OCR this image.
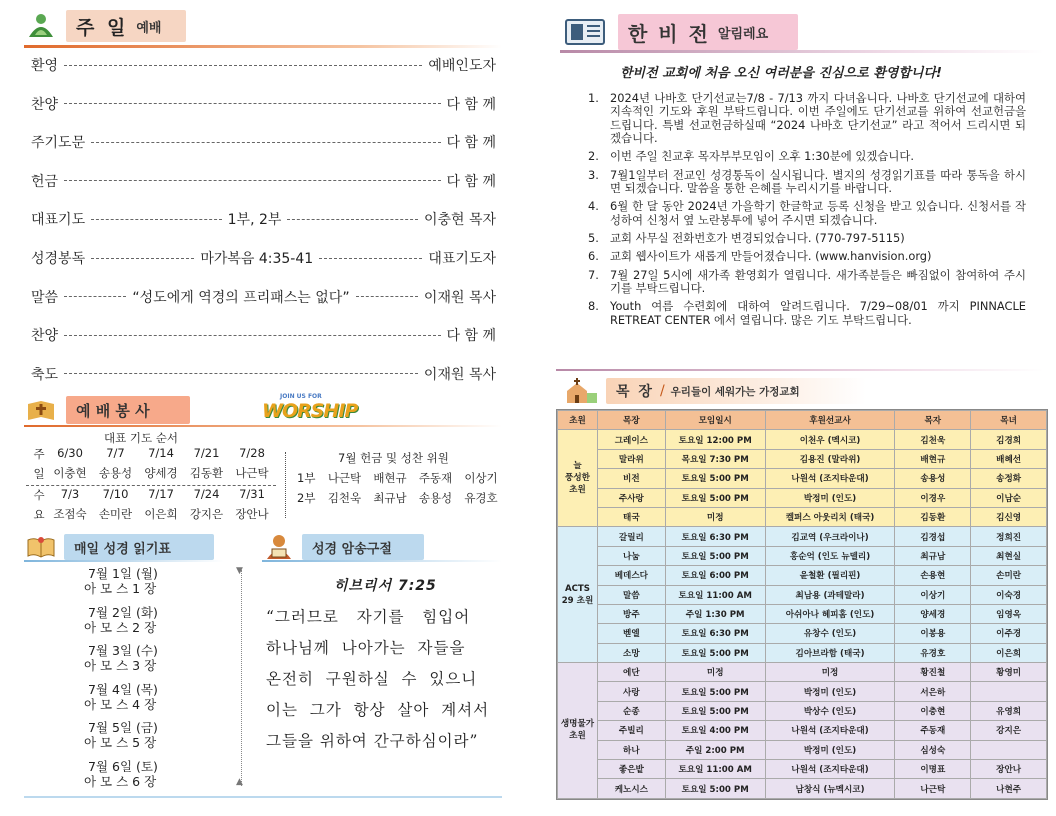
주 일 예배
환영	예배인도자
찬양	다 함 께
주기도문	다 함 께
헌금	다 함 께
대표기도	1부, 2부	이충현 목자
성경봉독	마가복음 4:35-41	대표기도자
말씀	“성도에게 역경의 프리패스는 없다”	이재원 목사
찬양	다 함 께
축도	이재원 목사
예 배 봉 사
JOIN US FOR
WORSHIP
대표 기도 순서
주일 6/30	7/7	7/14	7/21	7/28
이충현	송용성	양세경	김동환	나근탁
수요	7/3	7/10	7/17	7/24	7/31
조점숙	손미란	이은희	강지은	장안나
7월 헌금 및 성찬 위원
1부	나근탁	배현규	주동재	이상기
2부	김천욱	최규남	송용성	유경호
매일 성경 읽기표
7월 1일 (월)
아 모 스 1 장
7월 2일 (화)
아 모 스 2 장
7월 3일 (수)
아 모 스 3 장
7월 4일 (목)
아 모 스 4 장
7월 5일 (금)
아 모 스 5 장
7월 6일 (토)
아 모 스 6 장
▼
▲
성경 암송구절
히브리서 7:25
“그러므로   자기를   힘입어
하나님께  나아가는  자들을
온전히  구원하실  수  있으니
이는  그가  항상  살아  계셔서
그들을 위하여 간구하심이라”
한 비 전 알림레요
한비전 교회에 처음 오신 여러분을 진심으로 환영합니다!
1. 2024년 나바호 단기선교는7/8 - 7/13 까지 다녀옵니다. 나바호 단기선교에 대하여 지속적인 기도와 후원 부탁드립니다. 이번 주일에도 단기선교를 위하여 선교헌금을 드립니다. 특별 선교헌금하실때 “2024 나바호 단기선교” 라고 적어서 드리시면 되겠습니다.
2. 이번 주일 친교후 목자부부모임이 오후 1:30분에 있겠습니다.
3. 7월1일부터 전교인 성경통독이 실시됩니다. 별지의 성경읽기표를 따라 통독을 하시면 되겠습니다. 말씀을 통한 은혜를 누리시기를 바랍니다.
4. 6월 한 달 동안 2024년 가을학기 한글학교 등록 신청을 받고 있습니다. 신청서를 작성하여 신청서 옆 노란봉투에 넣어 주시면 되겠습니다.
5. 교회 사무실 전화번호가 변경되었습니다. (770-797-5115)
6. 교회 웹사이트가 새롭게 만들어졌습니다. (www.hanvision.org)
7. 7월 27일 5시에 새가족 환영회가 열립니다. 새가족분들은 빠짐없이 참여하여 주시기를 부탁드립니다.
8. Youth 여름 수련회에 대하여 알려드립니다. 7/29~08/01 까지 PINNACLE RETREAT CENTER 에서 열립니다. 많은 기도 부탁드립니다.
목 장 / 우리들이 세워가는 가정교회
초원	목장	모임일시	후원선교사	목자	목녀
늘
풍성한
초원	그레이스	토요일 12:00 PM	이천우 (멕시코)	김천욱	김경희
	말라위	목요일 7:30 PM	김용진 (말라위)	배현규	배혜선
	비전	토요일 5:00 PM	나원석 (조지타운대)	송용성	송정화
	주사랑	토요일 5:00 PM	박정미 (인도)	이경우	이남순
	태국	미정	켈퍼스 아웃리치 (태국)	김동환	김신영
ACTS
29 초원	갈릴리	토요일 6:30 PM	김교역 (우크라이나)	김경섭	정희진
	나눔	토요일 5:00 PM	홍순억 (인도 뉴델리)	최규남	최현실
	베데스다	토요일 6:00 PM	윤철환 (필리핀)	손용현	손미란
	말씀	토요일 11:00 AM	최남용 (과테말라)	이상기	이숙경
	방주	주일 1:30 PM	아쉬아나 헤피홈 (인도)	양세경	임영옥
	벧엘	토요일 6:30 PM	유창수 (인도)	이봉용	이주경
	소망	토요일 5:00 PM	김아브라함 (태국)	유경호	이은희
생명물가
초원	에단	미정	미정	황진철	황영미
	사랑	토요일 5:00 PM	박정미 (인도)	서은하	
	순종	토요일 5:00 PM	박상수 (인도)	이충현	유영희
	주빌리	토요일 4:00 PM	나원석 (조지타운대)	주동재	강지은
	하나	주일 2:00 PM	박정미 (인도)	심성숙	
	좋은밭	토요일 11:00 AM	나원석 (조지타운대)	이명표	장안나
	케노시스	토요일 5:00 PM	남창식 (뉴멕시코)	나근탁	나현주
